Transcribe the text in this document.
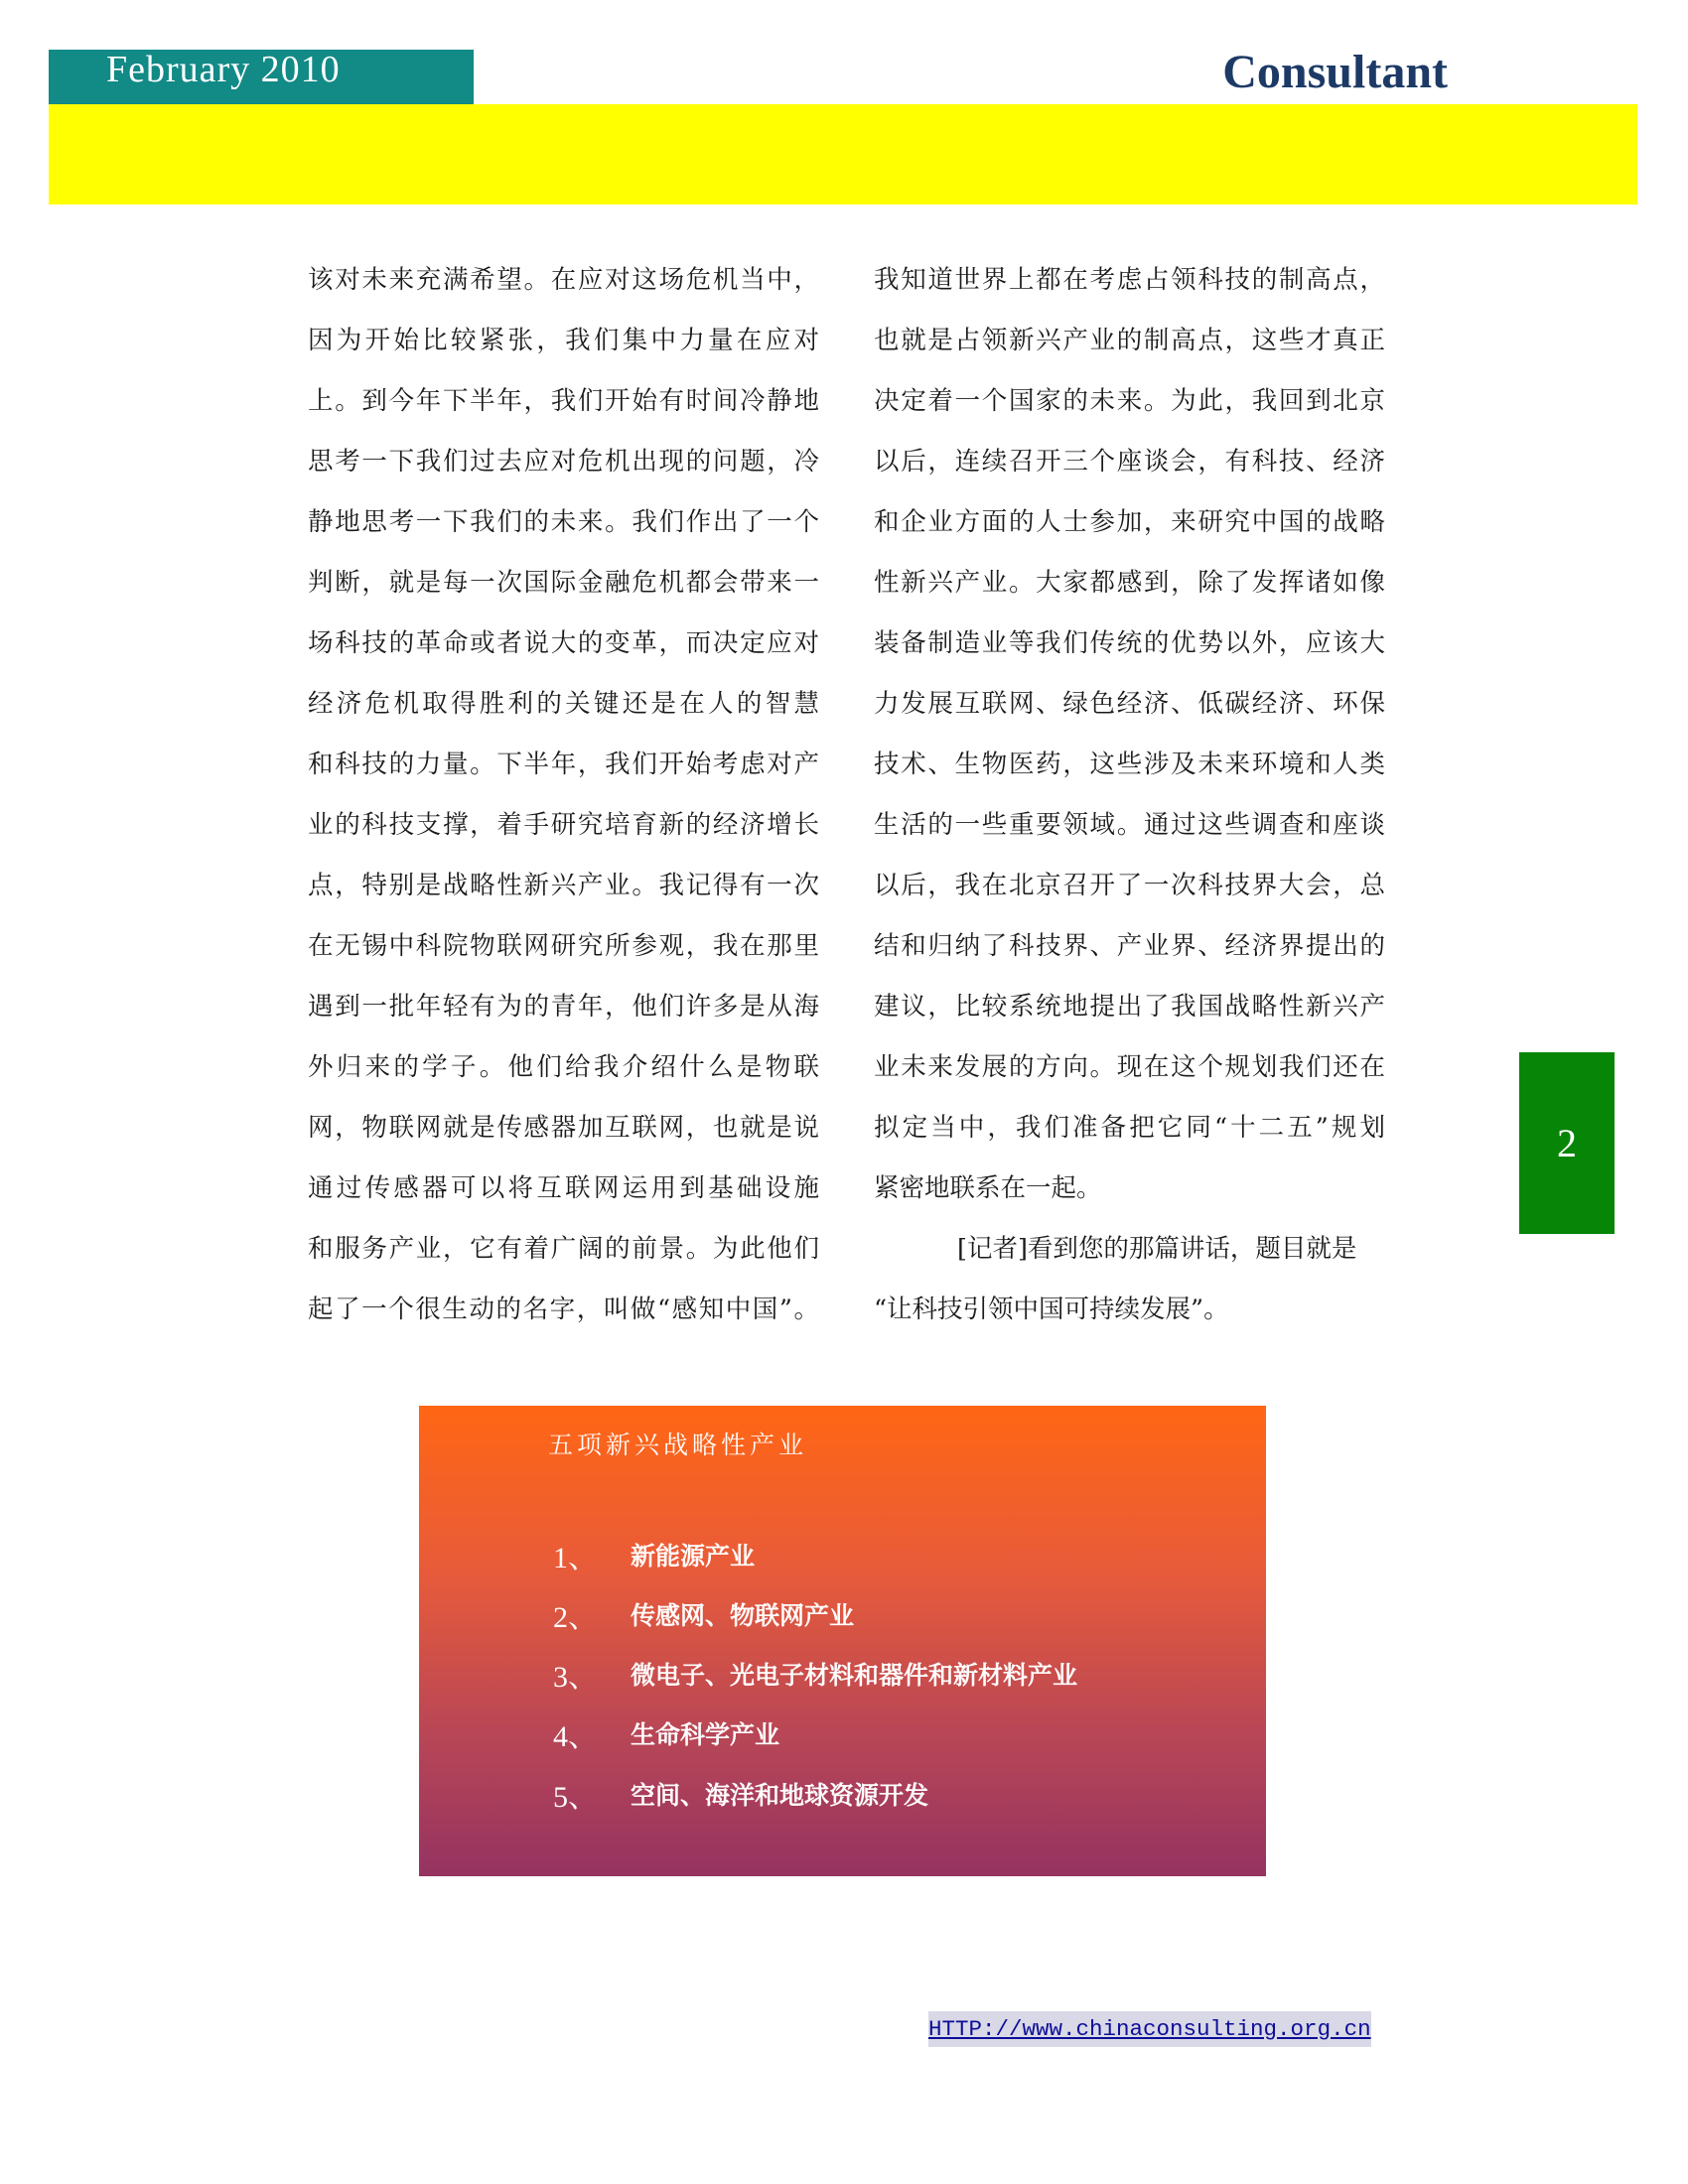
February 2010	Consultant

该对未来充满希望。在应对这场危机当中，

因为开始比较紧张，我们集中力量在应对

上。到今年下半年，我们开始有时间冷静地

思考一下我们过去应对危机出现的问题，冷

静地思考一下我们的未来。我们作出了一个

判断，就是每一次国际金融危机都会带来一

场科技的革命或者说大的变革，而决定应对

经济危机取得胜利的关键还是在人的智慧

和科技的力量。下半年，我们开始考虑对产

业的科技支撑，着手研究培育新的经济增长

点，特别是战略性新兴产业。我记得有一次

在无锡中科院物联网研究所参观，我在那里

遇到一批年轻有为的青年，他们许多是从海

外归来的学子。他们给我介绍什么是物联

网，物联网就是传感器加互联网，也就是说

通过传感器可以将互联网运用到基础设施

和服务产业，它有着广阔的前景。为此他们

起了一个很生动的名字，叫做“感知中国”。

我知道世界上都在考虑占领科技的制高点，

也就是占领新兴产业的制高点，这些才真正

决定着一个国家的未来。为此，我回到北京

以后，连续召开三个座谈会，有科技、经济

和企业方面的人士参加，来研究中国的战略

性新兴产业。大家都感到，除了发挥诸如像

装备制造业等我们传统的优势以外，应该大

力发展互联网、绿色经济、低碳经济、环保

技术、生物医药，这些涉及未来环境和人类

生活的一些重要领域。通过这些调查和座谈

以后，我在北京召开了一次科技界大会，总

结和归纳了科技界、产业界、经济界提出的

建议，比较系统地提出了我国战略性新兴产

业未来发展的方向。现在这个规划我们还在

拟定当中，我们准备把它同“十二五”规划

紧密地联系在一起。

[记者]看到您的那篇讲话，题目就是

“让科技引领中国可持续发展”。

2
五项新兴战略性产业
1、	新能源产业
2、	传感网、物联网产业
3、	微电子、光电子材料和器件和新材料产业
4、	生命科学产业
5、	空间、海洋和地球资源开发
HTTP://www.chinaconsulting.org.cn
